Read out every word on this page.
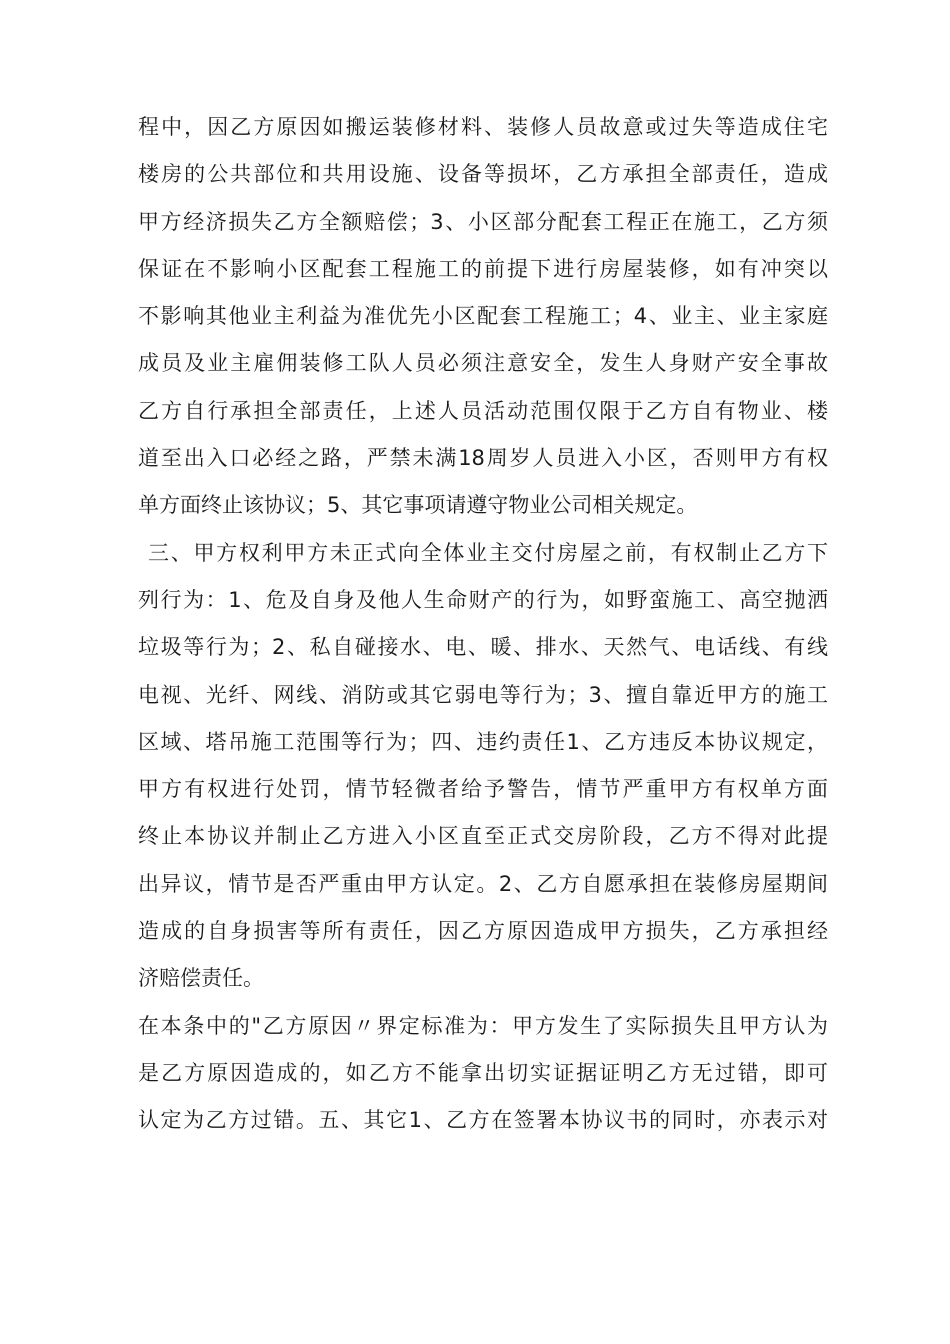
程中，因乙方原因如搬运装修材料、装修人员故意或过失等造成住宅
楼房的公共部位和共用设施、设备等损坏，乙方承担全部责任，造成
甲方经济损失乙方全额赔偿；3、小区部分配套工程正在施工，乙方须
保证在不影响小区配套工程施工的前提下进行房屋装修，如有冲突以
不影响其他业主利益为准优先小区配套工程施工；4、业主、业主家庭
成员及业主雇佣装修工队人员必须注意安全，发生人身财产安全事故
乙方自行承担全部责任，上述人员活动范围仅限于乙方自有物业、楼
道至出入口必经之路，严禁未满18周岁人员进入小区，否则甲方有权
单方面终止该协议；5、其它事项请遵守物业公司相关规定。
三、甲方权利甲方未正式向全体业主交付房屋之前，有权制止乙方下
列行为：1、危及自身及他人生命财产的行为，如野蛮施工、高空抛洒
垃圾等行为；2、私自碰接水、电、暖、排水、天然气、电话线、有线
电视、光纤、网线、消防或其它弱电等行为；3、擅自靠近甲方的施工
区域、塔吊施工范围等行为；四、违约责任1、乙方违反本协议规定，
甲方有权进行处罚，情节轻微者给予警告，情节严重甲方有权单方面
终止本协议并制止乙方进入小区直至正式交房阶段，乙方不得对此提
出异议，情节是否严重由甲方认定。2、乙方自愿承担在装修房屋期间
造成的自身损害等所有责任，因乙方原因造成甲方损失，乙方承担经
济赔偿责任。
在本条中的"乙方原因〃界定标准为：甲方发生了实际损失且甲方认为
是乙方原因造成的，如乙方不能拿出切实证据证明乙方无过错，即可
认定为乙方过错。五、其它1、乙方在签署本协议书的同时，亦表示对
